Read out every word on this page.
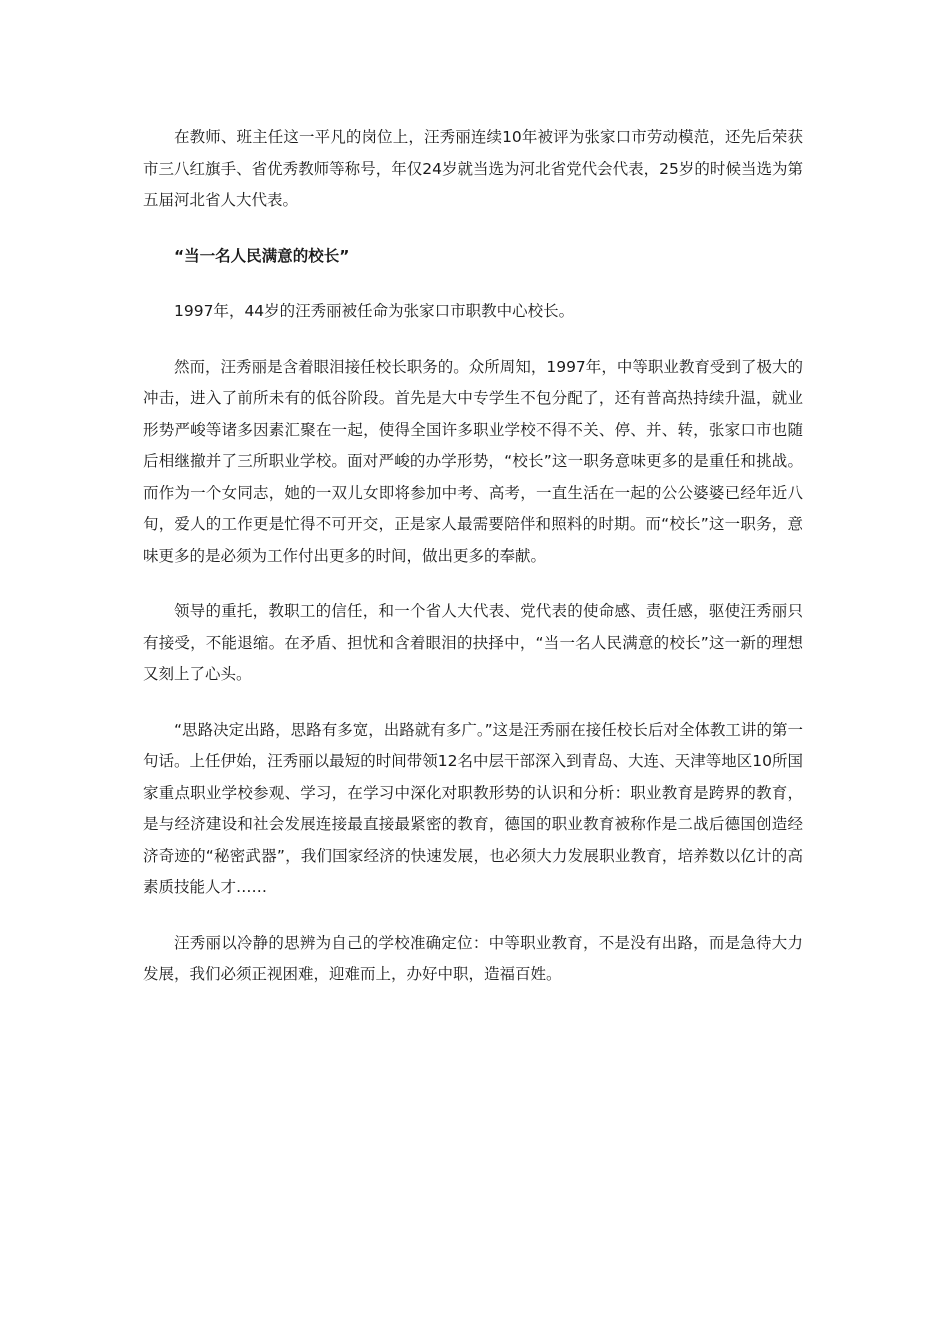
在教师、班主任这一平凡的岗位上，汪秀丽连续10年被评为张家口市劳动模范，还先后荣获市三八红旗手、省优秀教师等称号，年仅24岁就当选为河北省党代会代表，25岁的时候当选为第五届河北省人大代表。

“当一名人民满意的校长”

1997年，44岁的汪秀丽被任命为张家口市职教中心校长。

然而，汪秀丽是含着眼泪接任校长职务的。众所周知，1997年，中等职业教育受到了极大的冲击，进入了前所未有的低谷阶段。首先是大中专学生不包分配了，还有普高热持续升温，就业形势严峻等诸多因素汇聚在一起，使得全国许多职业学校不得不关、停、并、转，张家口市也随后相继撤并了三所职业学校。面对严峻的办学形势，“校长”这一职务意味更多的是重任和挑战。而作为一个女同志，她的一双儿女即将参加中考、高考，一直生活在一起的公公婆婆已经年近八旬，爱人的工作更是忙得不可开交，正是家人最需要陪伴和照料的时期。而“校长”这一职务，意味更多的是必须为工作付出更多的时间，做出更多的奉献。

领导的重托，教职工的信任，和一个省人大代表、党代表的使命感、责任感，驱使汪秀丽只有接受，不能退缩。在矛盾、担忧和含着眼泪的抉择中，“当一名人民满意的校长”这一新的理想又刻上了心头。

“思路决定出路，思路有多宽，出路就有多广。”这是汪秀丽在接任校长后对全体教工讲的第一句话。上任伊始，汪秀丽以最短的时间带领12名中层干部深入到青岛、大连、天津等地区10所国家重点职业学校参观、学习，在学习中深化对职教形势的认识和分析：职业教育是跨界的教育，是与经济建设和社会发展连接最直接最紧密的教育，德国的职业教育被称作是二战后德国创造经济奇迹的“秘密武器”，我们国家经济的快速发展，也必须大力发展职业教育，培养数以亿计的高素质技能人才……

汪秀丽以冷静的思辨为自己的学校准确定位：中等职业教育，不是没有出路，而是急待大力发展，我们必须正视困难，迎难而上，办好中职，造福百姓。
